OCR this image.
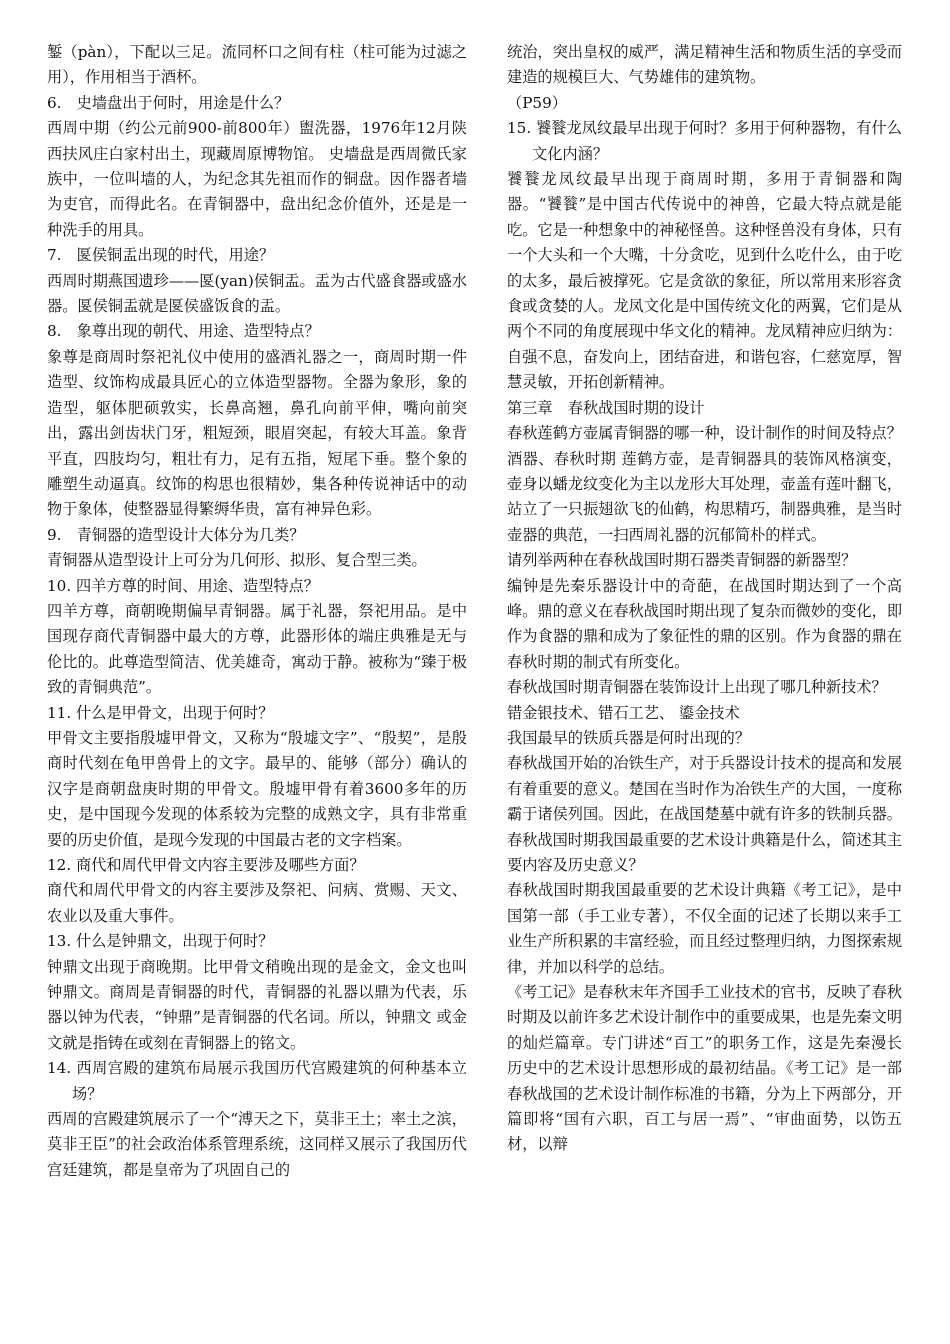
錾（pàn），下配以三足。流同杯口之间有柱（柱可能为过滤之用），作用相当于酒杯。

6.　史墙盘出于何时，用途是什么？

西周中期（约公元前900-前800年）盥洗器，1976年12月陕西扶风庄白家村出土，现藏周原博物馆。 史墙盘是西周微氏家族中，一位叫墙的人，为纪念其先祖而作的铜盘。因作器者墙为吏官，而得此名。在青铜器中，盘出纪念价值外，还是是一种洗手的用具。

7.　匽侯铜盂出现的时代，用途？

西周时期燕国遗珍——匽(yan)侯铜盂。盂为古代盛食器或盛水器。匽侯铜盂就是匽侯盛饭食的盂。

8.　象尊出现的朝代、用途、造型特点？

象尊是商周时祭祀礼仪中使用的盛酒礼器之一，商周时期一件造型、纹饰构成最具匠心的立体造型器物。全器为象形，象的造型，躯体肥硕敦实，长鼻高翘，鼻孔向前平伸，嘴向前突出，露出剑齿状门牙，粗短颈，眼眉突起，有较大耳盖。象背平直，四肢均匀，粗壮有力，足有五指，短尾下垂。整个象的雕塑生动逼真。纹饰的构思也很精妙，集各种传说神话中的动物于象体，使整器显得繁缛华贵，富有神异色彩。

9.　青铜器的造型设计大体分为几类？

青铜器从造型设计上可分为几何形、拟形、复合型三类。

10. 四羊方尊的时间、用途、造型特点？

四羊方尊，商朝晚期偏早青铜器。属于礼器，祭祀用品。是中国现存商代青铜器中最大的方尊，此器形体的端庄典雅是无与伦比的。此尊造型简洁、优美雄奇，寓动于静。被称为“臻于极致的青铜典范”。

11. 什么是甲骨文，出现于何时？

甲骨文主要指殷墟甲骨文，又称为“殷墟文字”、“殷契”，是殷商时代刻在龟甲兽骨上的文字。最早的、能够（部分）确认的汉字是商朝盘庚时期的甲骨文。殷墟甲骨有着3600多年的历史，是中国现今发现的体系较为完整的成熟文字，具有非常重要的历史价值，是现今发现的中国最古老的文字档案。

12. 商代和周代甲骨文内容主要涉及哪些方面？

商代和周代甲骨文的内容主要涉及祭祀、问病、赏赐、天文、农业以及重大事件。

13. 什么是钟鼎文，出现于何时？

钟鼎文出现于商晚期。比甲骨文稍晚出现的是金文，金文也叫钟鼎文。商周是青铜器的时代，青铜器的礼器以鼎为代表，乐器以钟为代表，“钟鼎”是青铜器的代名词。所以，钟鼎文 或金文就是指铸在或刻在青铜器上的铭文。

14. 西周宫殿的建筑布局展示我国历代宫殿建筑的何种基本立场？

西周的宫殿建筑展示了一个“溥天之下，莫非王土；率土之滨，莫非王臣”的社会政治体系管理系统，这同样又展示了我国历代宫廷建筑，都是皇帝为了巩固自己的

统治，突出皇权的威严，满足精神生活和物质生活的享受而建造的规模巨大、气势雄伟的建筑物。

（P59）

15. 饕餮龙凤纹最早出现于何时？多用于何种器物，有什么文化内涵？

饕餮龙凤纹最早出现于商周时期，多用于青铜器和陶器。“饕餮”是中国古代传说中的神兽，它最大特点就是能吃。它是一种想象中的神秘怪兽。这种怪兽没有身体，只有一个大头和一个大嘴，十分贪吃，见到什么吃什么，由于吃的太多，最后被撑死。它是贪欲的象征，所以常用来形容贪食或贪婪的人。龙凤文化是中国传统文化的两翼，它们是从两个不同的角度展现中华文化的精神。龙凤精神应归纳为：自强不息，奋发向上，团结奋进，和谐包容，仁慈宽厚，智慧灵敏，开拓创新精神。

第三章　春秋战国时期的设计

春秋莲鹤方壶属青铜器的哪一种，设计制作的时间及特点？

酒器、春秋时期 莲鹤方壶，是青铜器具的装饰风格演变，壶身以蟠龙纹变化为主以龙形大耳处理，壶盖有莲叶翻飞，站立了一只振翅欲飞的仙鹤，构思精巧，制器典雅，是当时壶器的典范，一扫西周礼器的沉郁简朴的样式。

请列举两种在春秋战国时期石器类青铜器的新器型？

编钟是先秦乐器设计中的奇葩，在战国时期达到了一个高峰。鼎的意义在春秋战国时期出现了复杂而微妙的变化，即作为食器的鼎和成为了象征性的鼎的区别。作为食器的鼎在春秋时期的制式有所变化。

春秋战国时期青铜器在装饰设计上出现了哪几种新技术？

错金银技术、错石工艺、 鎏金技术

我国最早的铁质兵器是何时出现的？

春秋战国开始的冶铁生产，对于兵器设计技术的提高和发展有着重要的意义。楚国在当时作为冶铁生产的大国，一度称霸于诸侯列国。因此，在战国楚墓中就有许多的铁制兵器。

春秋战国时期我国最重要的艺术设计典籍是什么，简述其主要内容及历史意义？

春秋战国时期我国最重要的艺术设计典籍《考工记》，是中国第一部（手工业专著），不仅全面的记述了长期以来手工业生产所积累的丰富经验，而且经过整理归纳，力图探索规律，并加以科学的总结。

《考工记》是春秋末年齐国手工业技术的官书，反映了春秋时期及以前许多艺术设计制作中的重要成果，也是先秦文明的灿烂篇章。专门讲述“百工”的职务工作，这是先秦漫长历史中的艺术设计思想形成的最初结晶。《考工记》是一部春秋战国的艺术设计制作标准的书籍，分为上下两部分，开篇即将“国有六职，百工与居一焉”、“审曲面势，以饬五材，以辩
